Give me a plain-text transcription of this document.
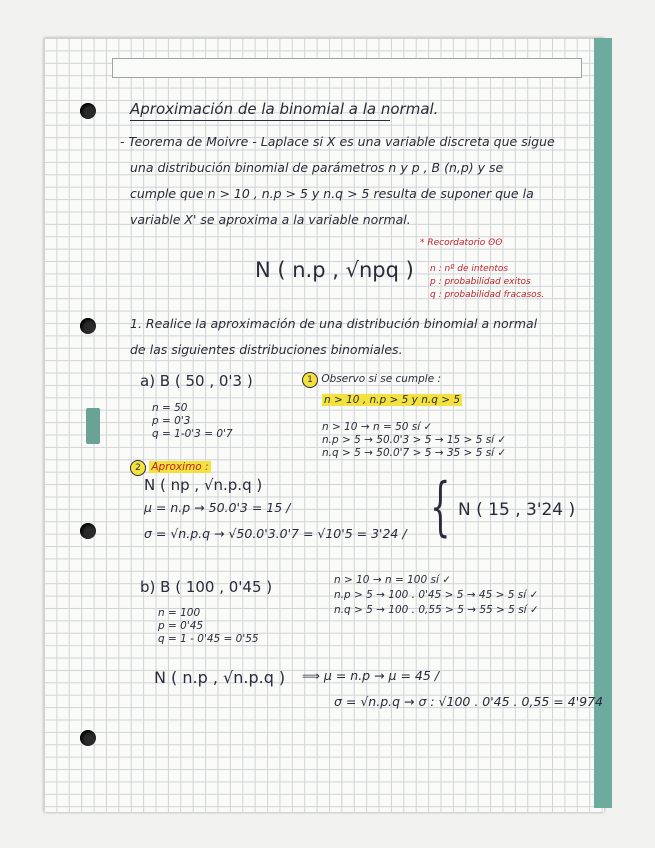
Aproximación de la binomial a la normal.
- Teorema de Moivre - Laplace si X es una variable discreta que sigue
una distribución binomial de parámetros n y p , B (n,p) y se
cumple que n > 10 , n.p > 5 y n.q > 5 resulta de suponer que la
variable X' se aproxima a la variable normal.
N ( n.p , √npq )
* Recordatorio ʘʘ
n : nº de intentos
p : probabilidad exitos
q : probabilidad fracasos.
1. Realice la aproximación de una distribución binomial a normal
de las siguientes distribuciones binomiales.
a) B ( 50 , 0'3 )
n = 50
p = 0'3
q = 1-0'3 = 0'7
1 Observo si se cumple :
n > 10 , n.p > 5 y n.q > 5
n > 10 → n = 50 sí ✓
n.p > 5 → 50.0'3 > 5 → 15 > 5 sí ✓
n.q > 5 → 50.0'7 > 5 → 35 > 5 sí ✓
2 Aproximo :
N ( np , √n.p.q )
μ = n.p → 50.0'3 = 15 /
σ = √n.p.q → √50.0'3.0'7 = √10'5 = 3'24 / { N ( 15 , 3'24 )
b) B ( 100 , 0'45 )
n = 100
p = 0'45
q = 1 - 0'45 = 0'55
n > 10 → n = 100 sí ✓
n.p > 5 → 100 . 0'45 > 5 → 45 > 5 sí ✓
n.q > 5 → 100 . 0,55 > 5 → 55 > 5 sí ✓
N ( n.p , √n.p.q ) ⟹ μ = n.p → μ = 45 /
σ = √n.p.q → σ : √100 . 0'45 . 0,55 = 4'974
